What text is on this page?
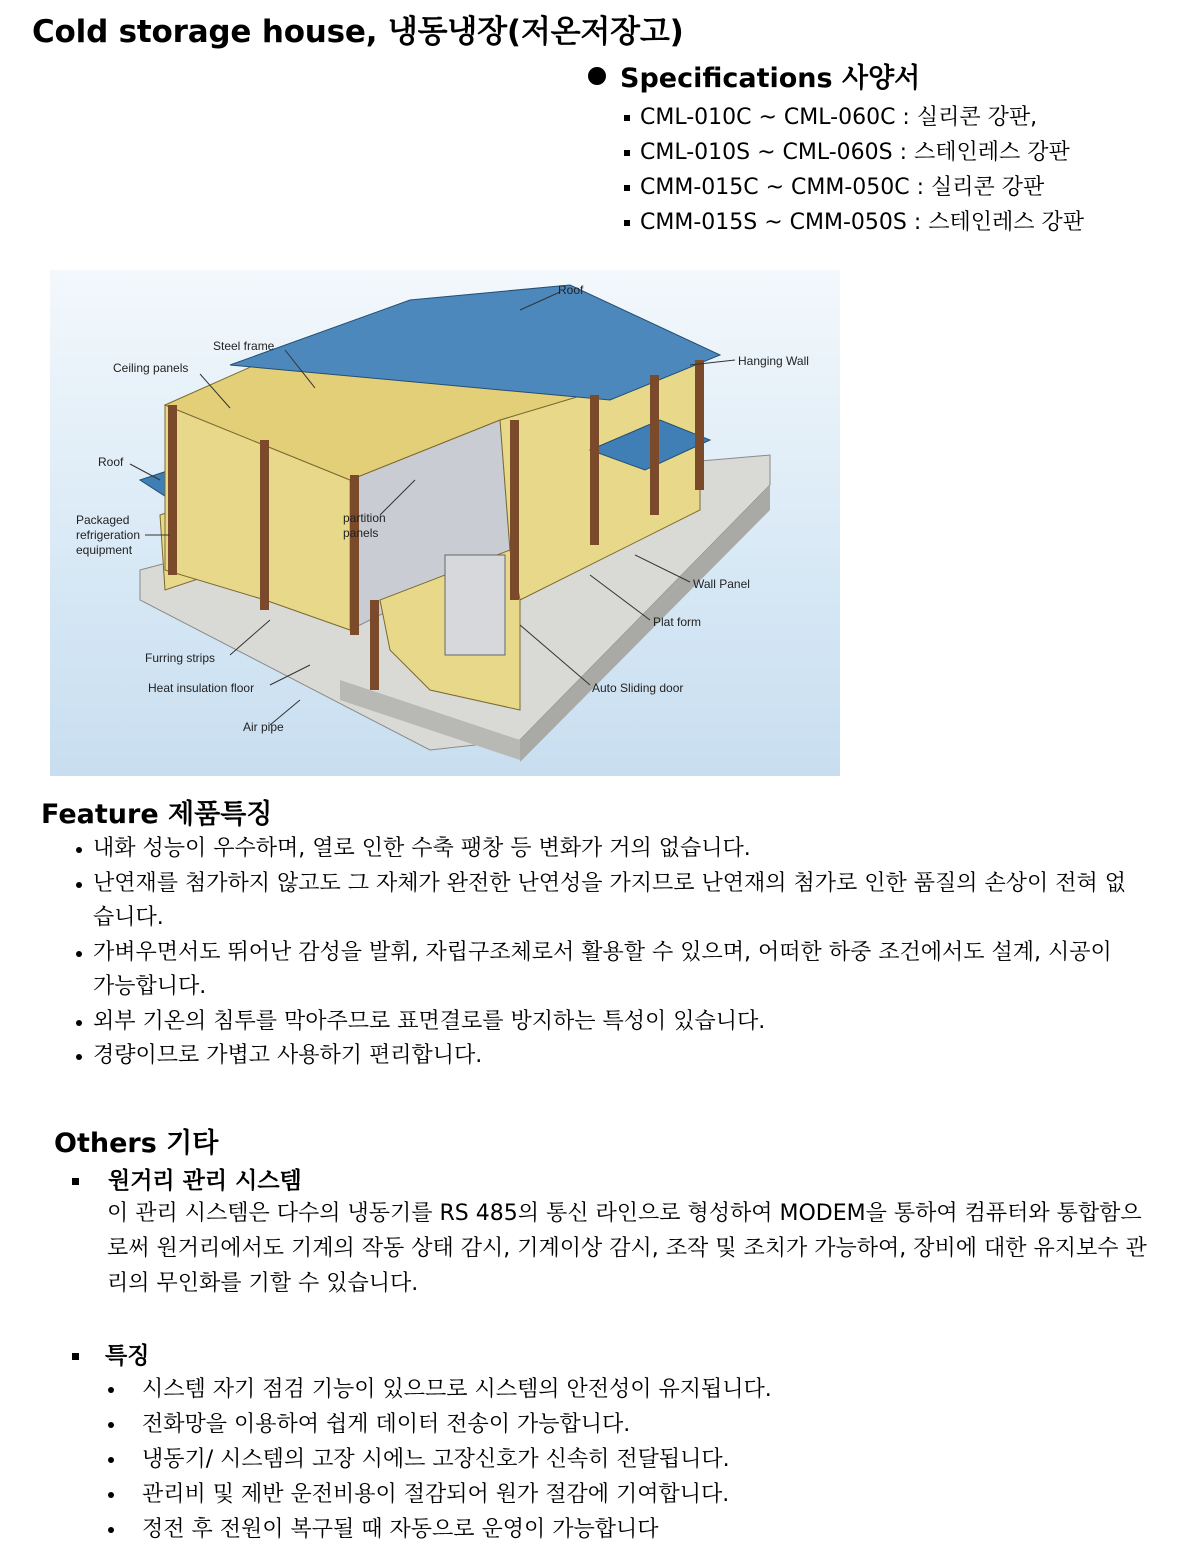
Cold storage house, 냉동냉장(저온저장고)
Specifications 사양서
CML-010C ~ CML-060C : 실리콘 강판,
CML-010S ~ CML-060S : 스테인레스 강판
CMM-015C ~ CMM-050C : 실리콘 강판
CMM-015S ~ CMM-050S : 스테인레스 강판
Roof
Hanging Wall
Steel frame
Ceiling panels
Roof
Packaged
refrigeration
equipment
partition
panels
Wall Panel
Plat form
Furring strips
Heat insulation floor	Auto Sliding door
Air pipe
Feature 제품특징
내화 성능이 우수하며, 열로 인한 수축 팽창 등 변화가 거의 없습니다.
난연재를 첨가하지 않고도 그 자체가 완전한 난연성을 가지므로 난연재의 첨가로 인한 품질의 손상이 전혀 없습니다.
가벼우면서도 뛰어난 감성을 발휘, 자립구조체로서 활용할 수 있으며, 어떠한 하중 조건에서도 설계, 시공이 가능합니다.
외부 기온의 침투를 막아주므로 표면결로를 방지하는 특성이 있습니다.
경량이므로 가볍고 사용하기 편리합니다.
Others 기타
원거리 관리 시스템

이 관리 시스템은 다수의 냉동기를 RS 485의 통신 라인으로 형성하여 MODEM을 통하여 컴퓨터와 통합함으로써 원거리에서도 기계의 작동 상태 감시, 기계이상 감시, 조작 및 조치가 가능하여, 장비에 대한 유지보수 관리의 무인화를 기할 수 있습니다.

특징
시스템 자기 점검 기능이 있으므로 시스템의 안전성이 유지됩니다.
전화망을 이용하여 쉽게 데이터 전송이 가능합니다.
냉동기/ 시스템의 고장 시에느 고장신호가 신속히 전달됩니다.
관리비 및 제반 운전비용이 절감되어 원가 절감에 기여합니다.
정전 후 전원이 복구될 때 자동으로 운영이 가능합니다
